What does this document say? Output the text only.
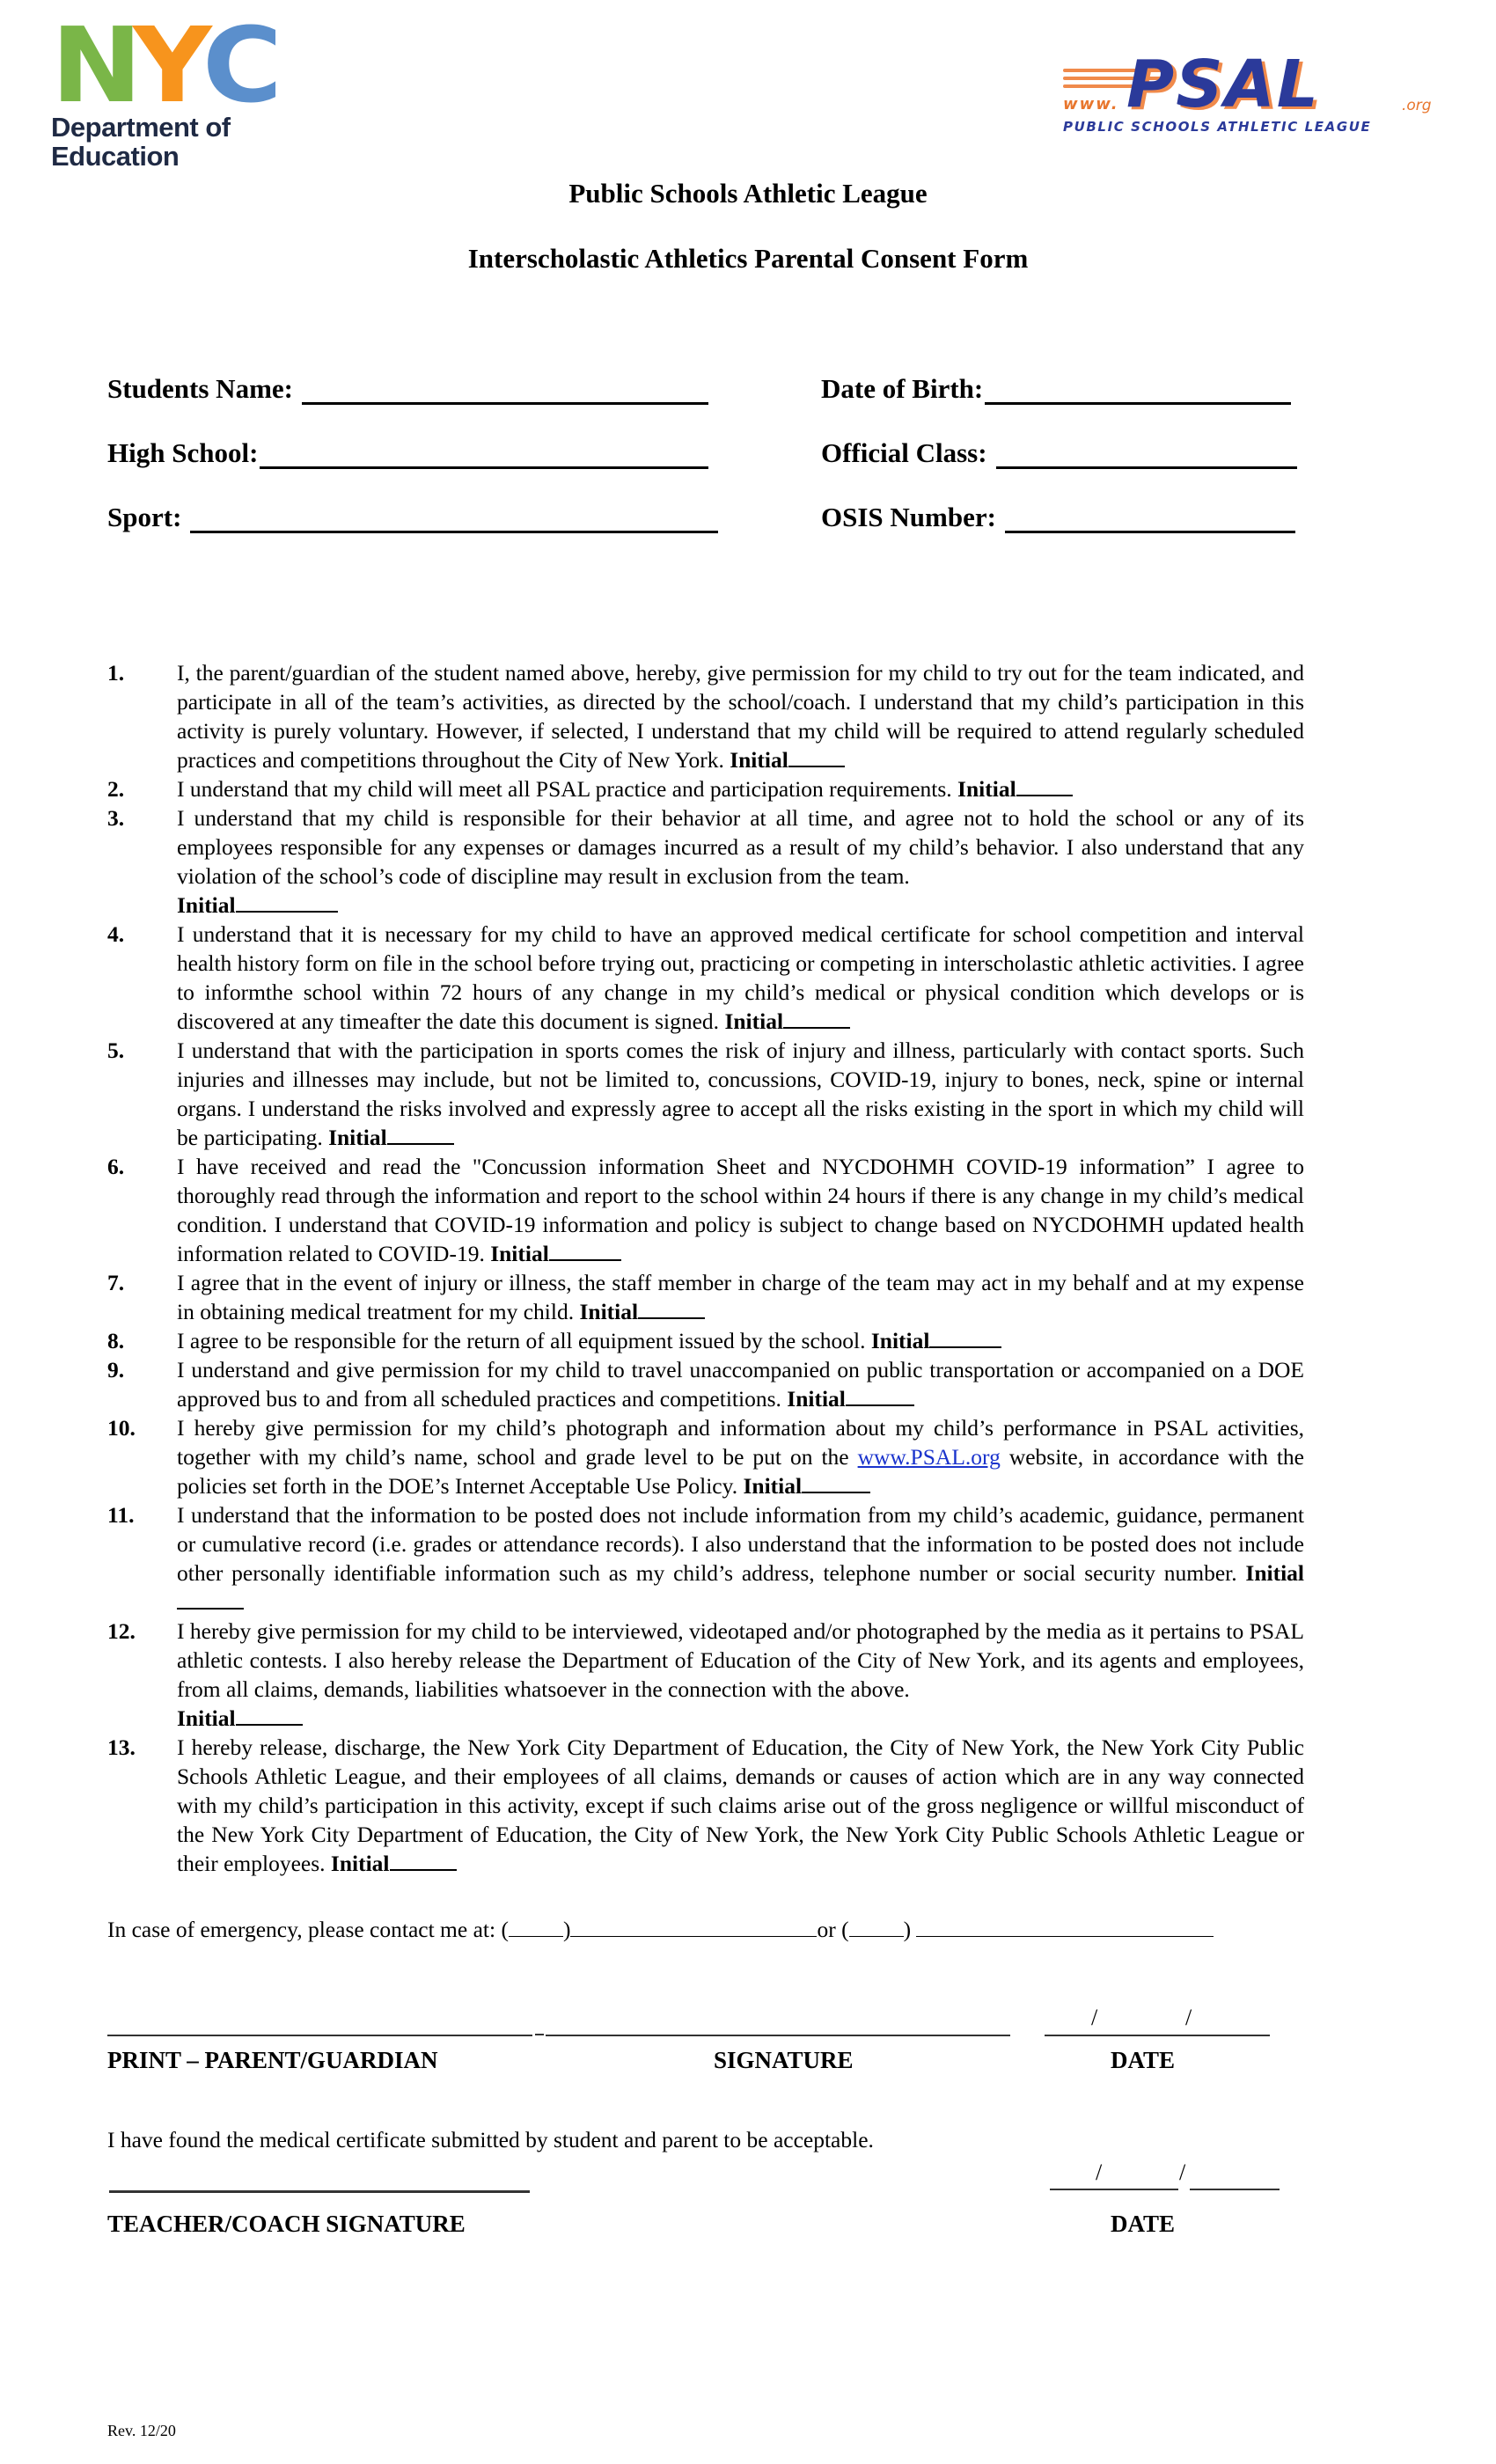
N
Y
C
Department of
Education
www. PSAL	.org
PUBLIC SCHOOLS ATHLETIC LEAGUE
Public Schools Athletic League
Interscholastic Athletics Parental Consent Form
Students Name:	Date of Birth:
High School:	Official Class:
Sport:	OSIS Number:
1.	I, the parent/guardian of the student named above, hereby, give permission for my child to try out for the team indicated, and participate in all of the team’s activities, as directed by the school/coach. I understand that my child’s participation in this activity is purely voluntary. However, if selected, I understand that my child will be required to attend regularly scheduled practices and competitions throughout the City of New York. Initial
2.	I understand that my child will meet all PSAL practice and participation requirements. Initial
3.	I understand that my child is responsible for their behavior at all time, and agree not to hold the school or any of its employees responsible for any expenses or damages incurred as a result of my child’s behavior. I also understand that any violation of the school’s code of discipline may result in exclusion from the team.
Initial
4.	I understand that it is necessary for my child to have an approved medical certificate for school competition and interval health history form on file in the school before trying out, practicing or competing in interscholastic athletic activities. I agree to informthe school within 72 hours of any change in my child’s medical or physical condition which develops or is discovered at any timeafter the date this document is signed. Initial
5.	I understand that with the participation in sports comes the risk of injury and illness, particularly with contact sports. Such injuries and illnesses may include, but not be limited to, concussions, COVID-19, injury to bones, neck, spine or internal organs. I understand the risks involved and expressly agree to accept all the risks existing in the sport in which my child will be participating. Initial
6.	I have received and read the "Concussion information Sheet and NYCDOHMH COVID-19 information” I agree to thoroughly read through the information and report to the school within 24 hours if there is any change in my child’s medical condition. I understand that COVID-19 information and policy is subject to change based on NYCDOHMH updated health information related to COVID-19. Initial
7.	I agree that in the event of injury or illness, the staff member in charge of the team may act in my behalf and at my expense in obtaining medical treatment for my child. Initial
8.	I agree to be responsible for the return of all equipment issued by the school. Initial
9.	I understand and give permission for my child to travel unaccompanied on public transportation or accompanied on a DOE approved bus to and from all scheduled practices and competitions. Initial
10.	I hereby give permission for my child’s photograph and information about my child’s performance in PSAL activities, together with my child’s name, school and grade level to be put on the www.PSAL.org website, in accordance with the policies set forth in the DOE’s Internet Acceptable Use Policy. Initial
11.	I understand that the information to be posted does not include information from my child’s academic, guidance, permanent or cumulative record (i.e. grades or attendance records). I also understand that the information to be posted does not include other personally identifiable information such as my child’s address, telephone number or social security number. Initial
12.	I hereby give permission for my child to be interviewed, videotaped and/or photographed by the media as it pertains to PSAL athletic contests. I also hereby release the Department of Education of the City of New York, and its agents and employees, from all claims, demands, liabilities whatsoever in the connection with the above.
Initial
13.	I hereby release, discharge, the New York City Department of Education, the City of New York, the New York City Public Schools Athletic League, and their employees of all claims, demands or causes of action which are in any way connected with my child’s participation in this activity, except if such claims arise out of the gross negligence or willful misconduct of the New York City Department of Education, the City of New York, the New York City Public Schools Athletic League or their employees. Initial
In case of emergency, please contact me at: ( )	or ( )
/	/
PRINT – PARENT/GUARDIAN	SIGNATURE	DATE
I have found the medical certificate submitted by student and parent to be acceptable.
/	/
TEACHER/COACH SIGNATURE	DATE
Rev. 12/20
